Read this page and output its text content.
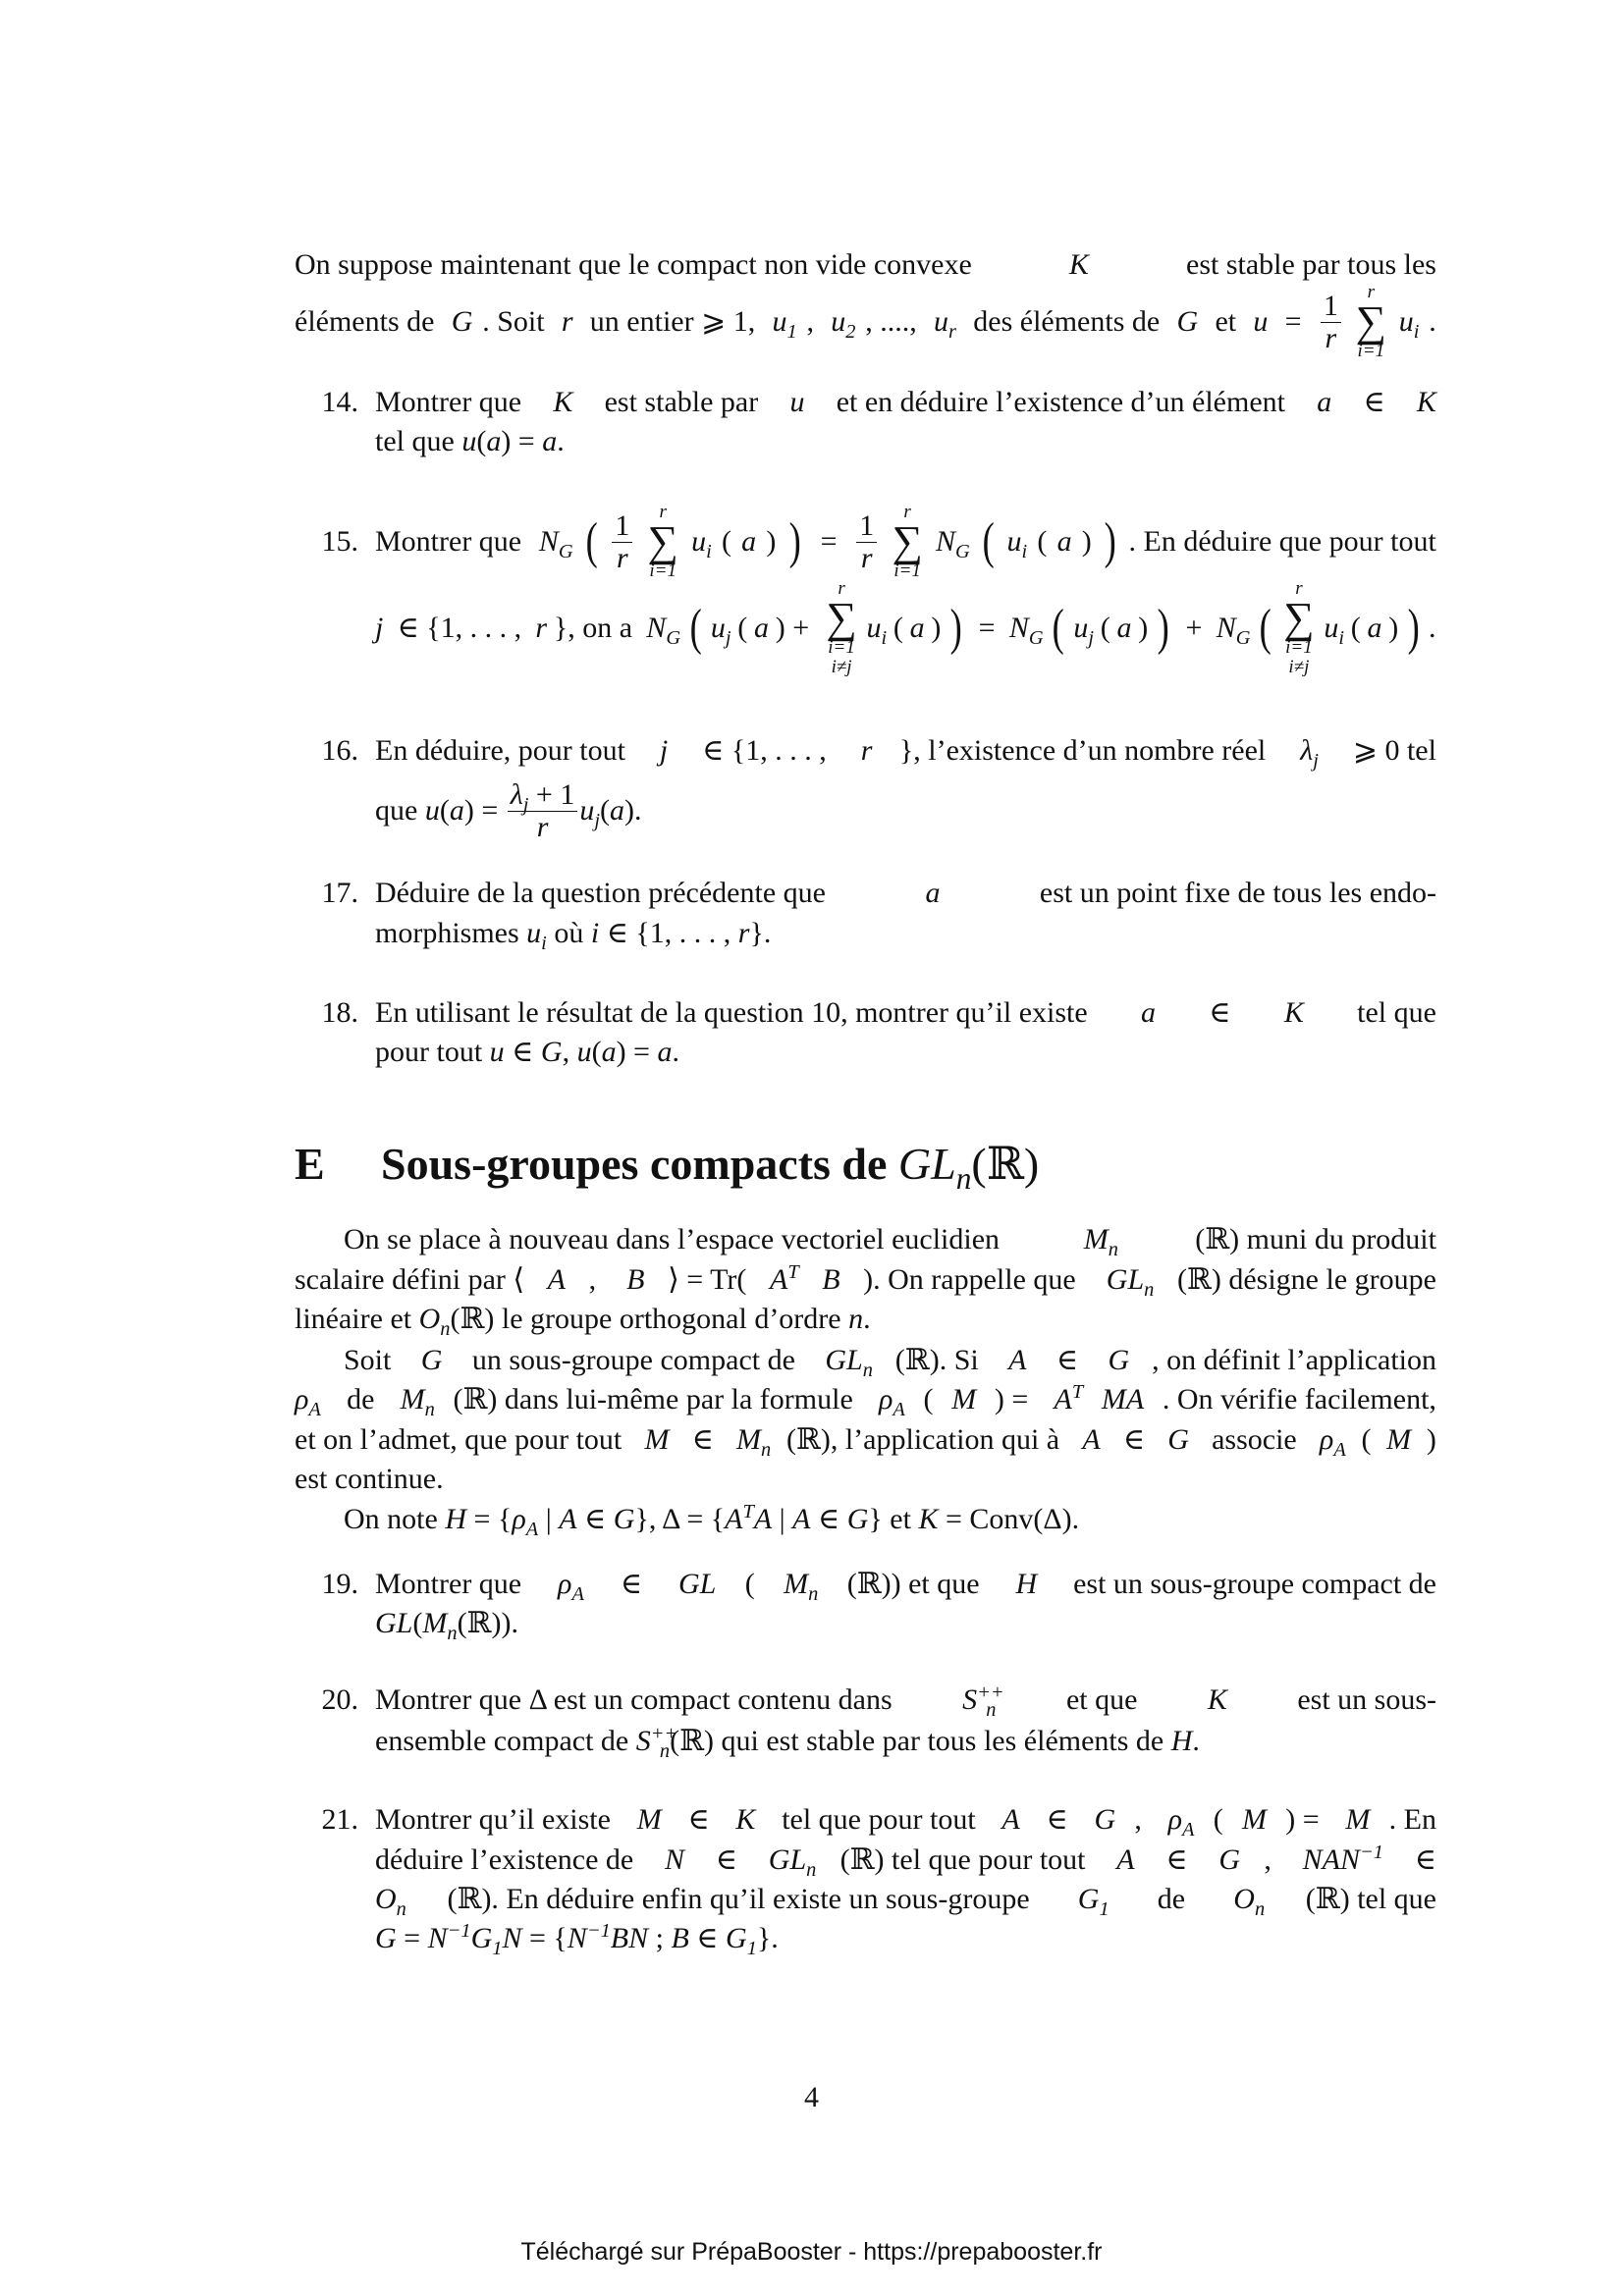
E Sous-groupes compacts de $GL_n(ℝ)$
4
Téléchargé sur PrépaBooster - https://prepabooster.fr
On suppose maintenant que le compact non vide convexe	K	est stable par tous les
éléments de G . Soit r un entier ⩾ 1, $u_1$ , $u_2$ , ...., $u_r$ des éléments de G et $u = \frac{1}{r}$ r
∑
i=1
$u_i$ .
14. Montrer que K est stable par u et en déduire l’existence d’un élément a ∈ K
tel que u ( a ) = a .
15. Montrer que $N_G$ ( $\frac{1}{r}$ r
∑
i=1
$u_i$ ( a ) ) = $\frac{1}{r}$ r
∑
i=1
$N_G$ ( $u_i$ ( a ) ) . En déduire que pour tout
j ∈ {1, . . . , r }, on a $N_G$ ( $u_j$ ( a ) +
r
∑
i=1
i≠j
$u_i$ ( a ) ) = $N_G$ ( $u_j$ ( a ) ) + $N_G$ (
r
∑
i=1
i≠j
$u_i$ ( a ) ) .
16. En déduire, pour tout j ∈ {1, . . . , r }, l’existence d’un nombre réel $\lambda_j$ ⩾ 0 tel
que u ( a ) = $\frac{\lambda_j + 1}{r} u_j$ ( a ).
17. Déduire de la question précédente que	a	est un point fixe de tous les endo-
morphismes $u_i$ où i ∈ {1, . . . , r }.
18. En utilisant le résultat de la question 10, montrer qu’il existe a ∈ K tel que
pour tout u ∈ G , u ( a ) = a .
On se place à nouveau dans l’espace vectoriel euclidien	$M_n$	(ℝ) muni du produit
scalaire défini par ⟨ A , B ⟩ = Tr( $A^T$ B ). On rappelle que $GL_n$ (ℝ) désigne le groupe
linéaire et $O_n$ (ℝ) le groupe orthogonal d’ordre n .
Soit G un sous-groupe compact de $GL_n$ (ℝ). Si A ∈ G , on définit l’application
$\rho_A$ de $M_n$ (ℝ) dans lui-même par la formule $\rho_A$ ( M ) = $A^T$ MA . On vérifie facilement,
et on l’admet, que pour tout M ∈ $M_n$ (ℝ), l’application qui à A ∈ G associe $\rho_A$ ( M )
est continue.
On note H = { $\rho_A$ | A ∈ G }, Δ = { $A^T$ A | A ∈ G } et K = Conv(Δ).
19. Montrer que $\rho_A$ ∈ GL ( $M_n$ (ℝ)) et que H est un sous-groupe compact de
GL ( $M_n$ (ℝ)).
20. Montrer que Δ est un compact contenu dans $S^{++}_n$ et que K est un sous-
ensemble compact de $S^{++}_n$ (ℝ) qui est stable par tous les éléments de H .
21. Montrer qu’il existe M ∈ K tel que pour tout A ∈ G , $\rho_A$ ( M ) = M . En
déduire l’existence de N ∈ $GL_n$ (ℝ) tel que pour tout A ∈ G , $NAN^{-1}$ ∈
$O_n$ (ℝ). En déduire enfin qu’il existe un sous-groupe $G_1$ de $O_n$ (ℝ) tel que
$G = N^{-1}$ $G_1$ N = { $N^{-1}$ BN ; B ∈ $G_1$ }.
